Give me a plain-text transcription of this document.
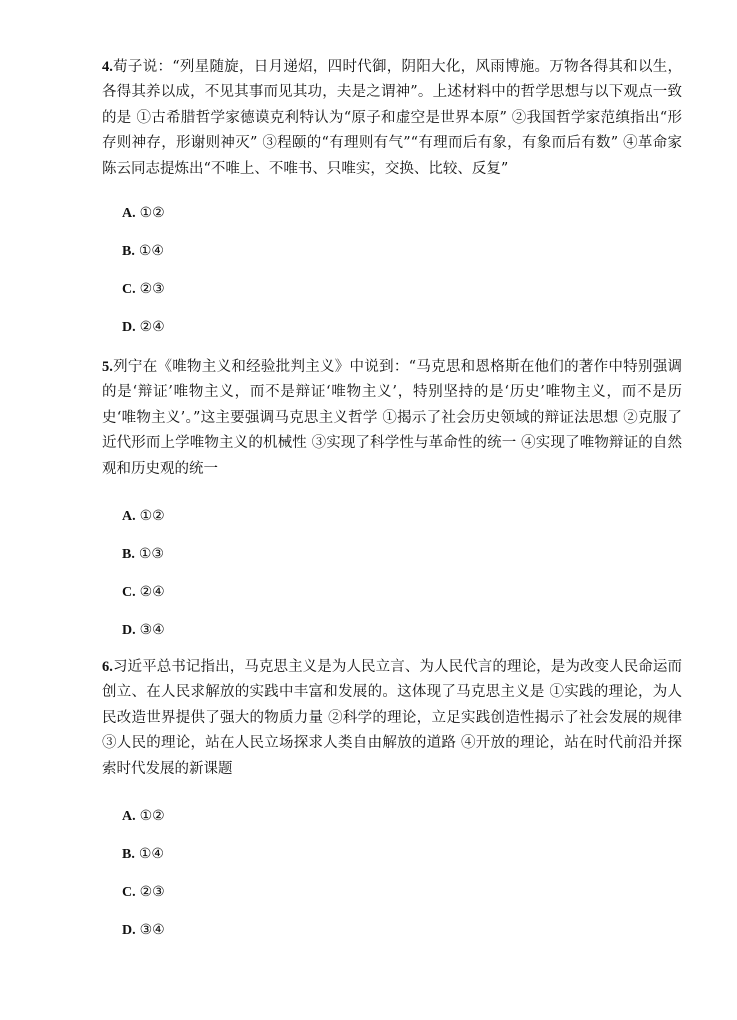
4.荀子说：“列星随旋，日月递炤，四时代御，阴阳大化，风雨博施。万物各得其和以生，各得其养以成，不见其事而见其功，夫是之谓神”。上述材料中的哲学思想与以下观点一致的是 ①古希腊哲学家德谟克利特认为“原子和虚空是世界本原” ②我国哲学家范缜指出“形存则神存，形谢则神灭” ③程颐的“有理则有气”“有理而后有象，有象而后有数” ④革命家陈云同志提炼出“不唯上、不唯书、只唯实，交换、比较、反复”

A. ①②
B. ①④
C. ②③
D. ②④

5.列宁在《唯物主义和经验批判主义》中说到：“马克思和恩格斯在他们的著作中特别强调的是‘辩证’唯物主义，而不是辩证‘唯物主义’，特别坚持的是‘历史’唯物主义，而不是历史‘唯物主义’。”这主要强调马克思主义哲学 ①揭示了社会历史领域的辩证法思想 ②克服了近代形而上学唯物主义的机械性 ③实现了科学性与革命性的统一 ④实现了唯物辩证的自然观和历史观的统一

A. ①②
B. ①③
C. ②④
D. ③④

6.习近平总书记指出，马克思主义是为人民立言、为人民代言的理论，是为改变人民命运而创立、在人民求解放的实践中丰富和发展的。这体现了马克思主义是 ①实践的理论，为人民改造世界提供了强大的物质力量 ②科学的理论，立足实践创造性揭示了社会发展的规律 ③人民的理论，站在人民立场探求人类自由解放的道路 ④开放的理论，站在时代前沿并探索时代发展的新课题

A. ①②
B. ①④
C. ②③
D. ③④
